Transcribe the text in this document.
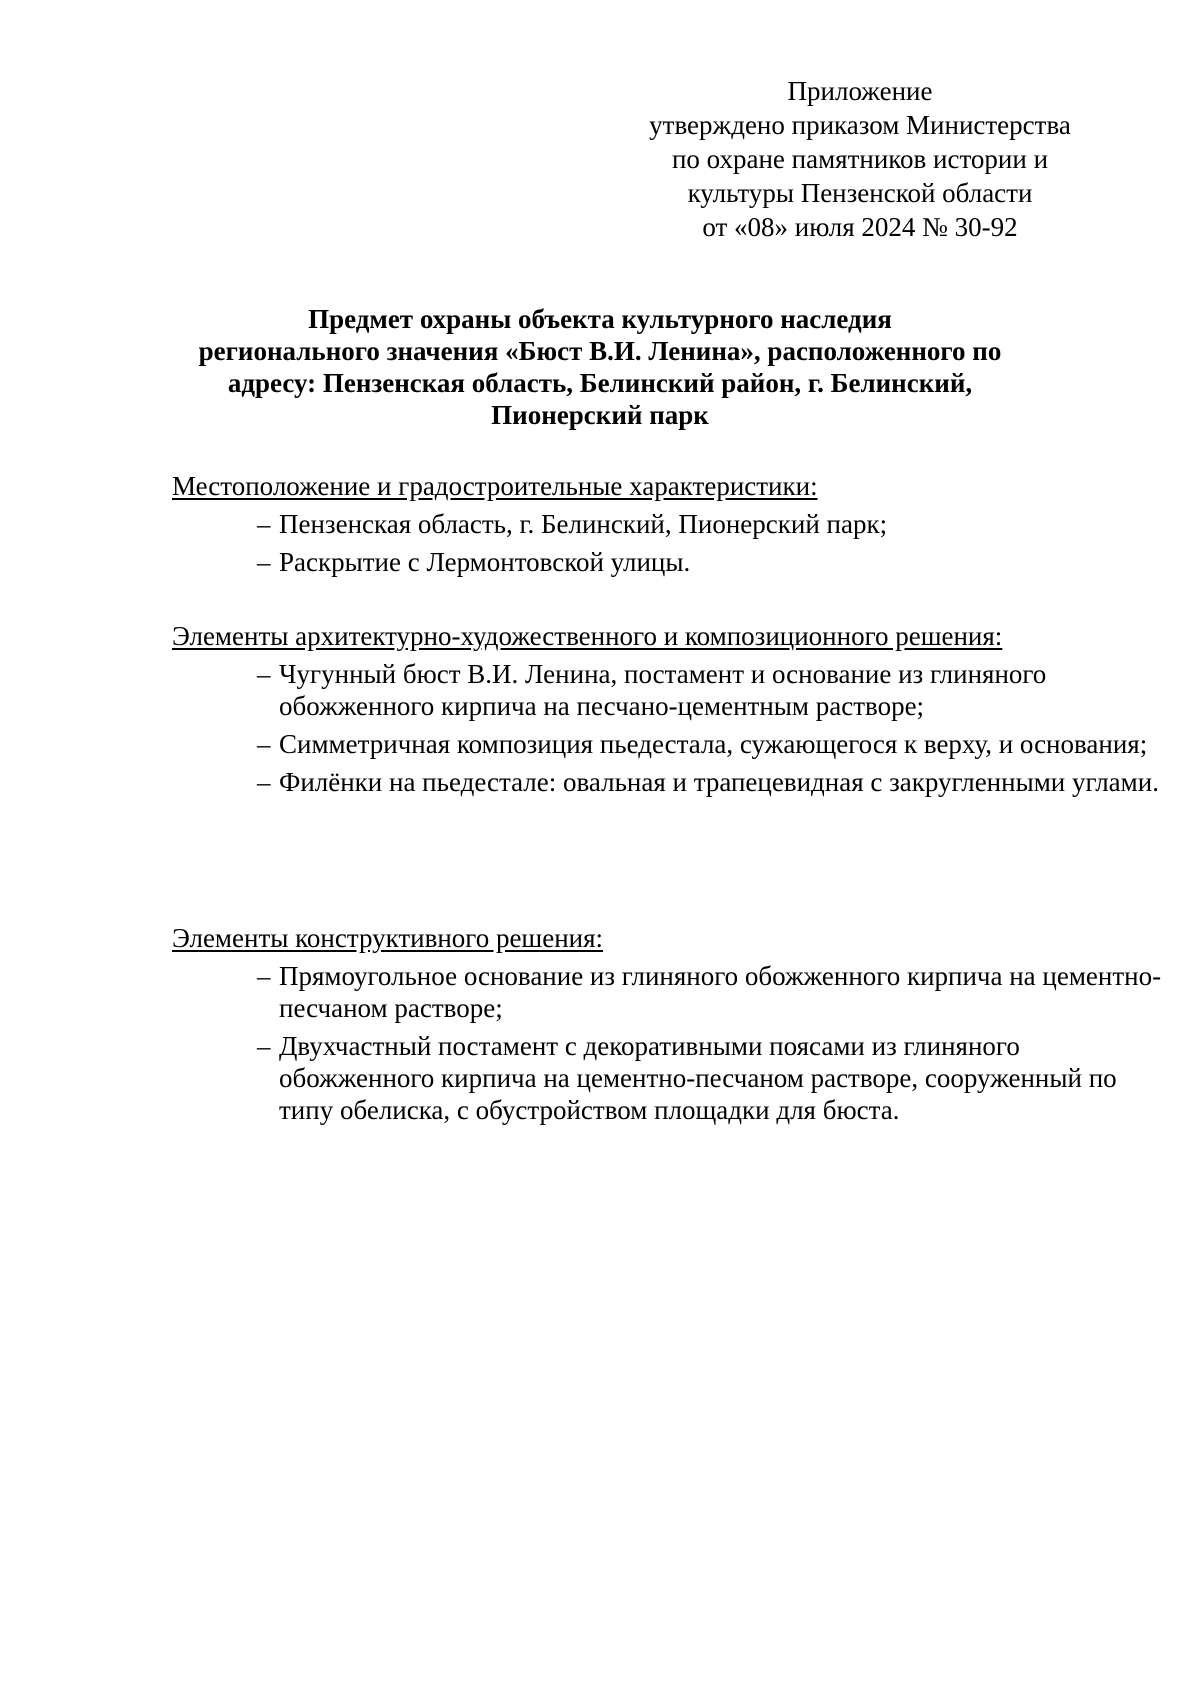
Приложение
утверждено приказом Министерства
по охране памятников истории и
культуры Пензенской области
от «08» июля 2024 № 30-92
Предмет охраны объекта культурного наследия
регионального значения «Бюст В.И. Ленина», расположенного по
адресу: Пензенская область, Белинский район, г. Белинский,
Пионерский парк
Местоположение и градостроительные характеристики:
– Пензенская область, г. Белинский, Пионерский парк;
– Раскрытие с Лермонтовской улицы.
Элементы архитектурно-художественного и композиционного решения:
– Чугунный бюст В.И. Ленина, постамент и основание из глиняного обожженного кирпича на песчано-цементным растворе;
– Симметричная композиция пьедестала, сужающегося к верху, и основания;
– Филёнки на пьедестале: овальная и трапецевидная с закругленными углами.
Элементы конструктивного решения:
– Прямоугольное основание из глиняного обожженного кирпича на цементно-песчаном растворе;
– Двухчастный постамент с декоративными поясами из глиняного обожженного кирпича на цементно-песчаном растворе, сооруженный по типу обелиска, с обустройством площадки для бюста.
